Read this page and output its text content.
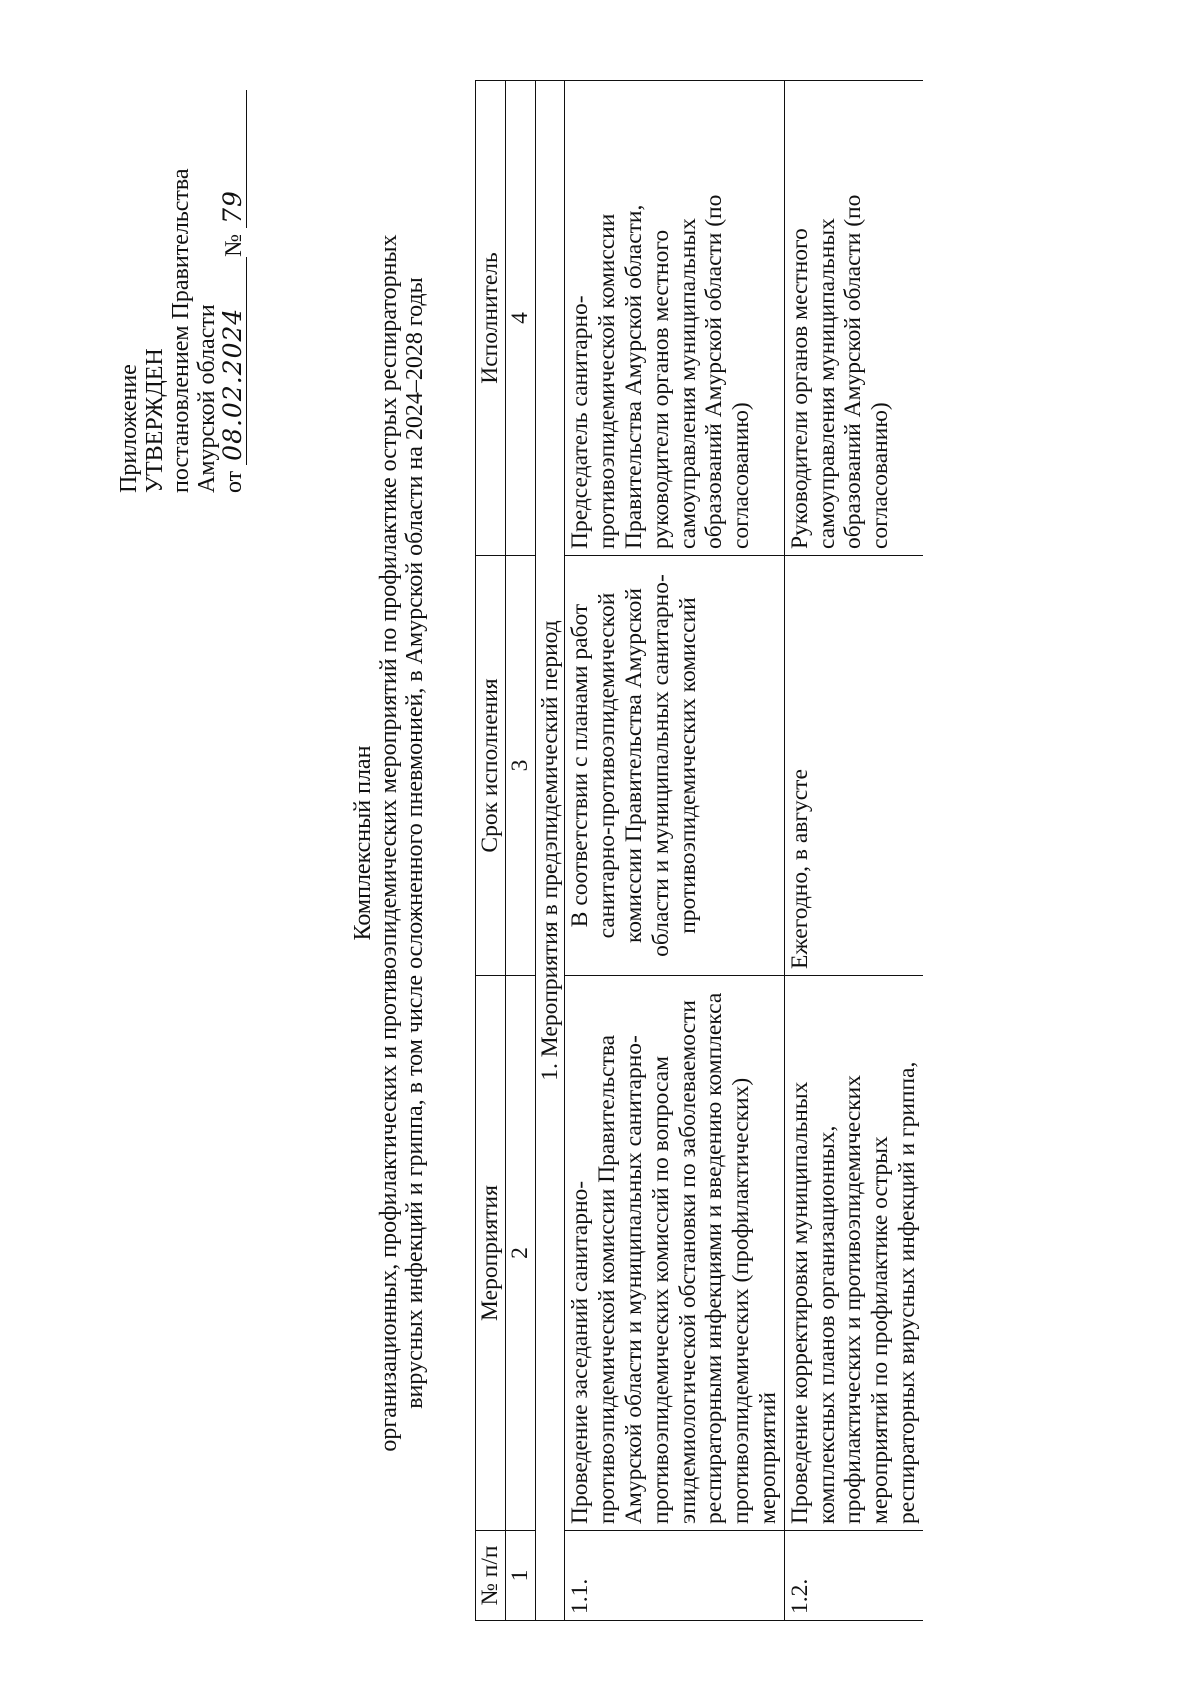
Приложение УТВЕРЖДЕН постановлением Правительства Амурской области от 08.02.2024№ 79
Комплексный план организационных, профилактических и противоэпидемических мероприятий по профилактике острых респираторных вирусных инфекций и гриппа, в том числе осложненного пневмонией, в Амурской области на 2024–2028 годы
№ п/п	Мероприятия	Срок исполнения	Исполнитель
1	2	3	4
1. Мероприятия в предэпидемический период			
1.1.	Проведение заседаний санитарно-противоэпидемической комиссии Правительства Амурской области и муниципальных санитарно-противоэпидемических комиссий по вопросам эпидемиологической обстановки по заболеваемости респираторными инфекциями и введению комплекса противоэпидемических (профилактических) мероприятий	В соответствии с планами работ санитарно-противоэпидемической комиссии Правительства Амурской области и муниципальных санитарно-противоэпидемических комиссий	Председатель санитарно-противоэпидемической комиссии Правительства Амурской области, руководители органов местного самоуправления муниципальных образований Амурской области (по согласованию)
1.2.	Проведение корректировки муниципальных комплексных планов организационных, профилактических и противоэпидемических мероприятий по профилактике острых респираторных вирусных инфекций и гриппа,	Ежегодно, в августе	Руководители органов местного самоуправления муниципальных образований Амурской области (по согласованию)
